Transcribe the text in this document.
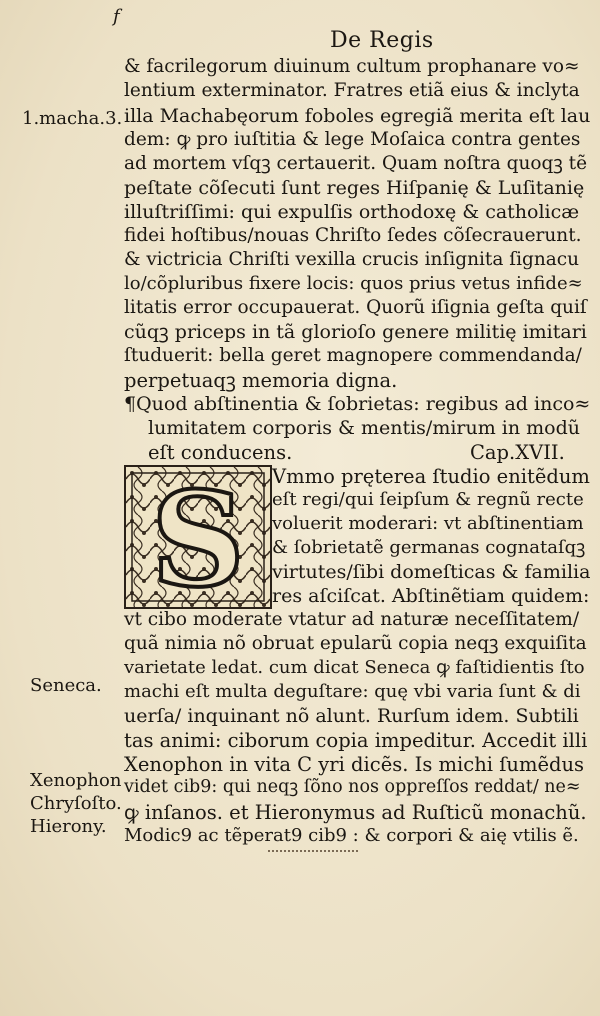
f
De Regis
1.macha.3.
Seneca.
Xenophon
Chryſoſto.
Hierony.
& facrilegorum diuinum cultum prophanare vo≈
lentium exterminator. Fratres etiã eius & inclyta
illa Machabęorum foboles egregiã merita eſt lau
dem: ꝙ pro iuſtitia & lege Moſaica contra gentes
ad mortem vſqꝫ certauerit. Quam noſtra quoqꝫ tẽ
peſtate cõſecuti ſunt reges Hiſpanię & Luſitanię
illuſtriſſimi: qui expulſis orthodoxę & catholicæ
fidei hoſtibus/nouas Chriſto ſedes cõſecrauerunt.
& victricia Chriſti vexilla crucis inſignita ſignacu
lo/cõpluribus fixere locis: quos prius vetus infide≈
litatis error occupauerat. Quorũ iſignia geſta quiſ
cũqꝫ priceps in tã glorioſo genere militię imitari
ſtuduerit: bella geret magnopere commendanda/
perpetuaqꝫ memoria digna.
¶Quod abſtinentia & ſobrietas: regibus ad inco≈
lumitatem corporis & mentis/mirum in modũ
eſt conducens.	Cap.XVII.
S Vmmo pręterea ſtudio enitẽdum
eſt regi/qui ſeipſum & regnũ recte
voluerit moderari: vt abſtinentiam
& ſobrietatẽ germanas cognataſqꝫ
virtutes/ſibi domeſticas & familia
res aſciſcat. Abſtinẽtiam quidem:
vt cibo moderate vtatur ad naturæ neceſſitatem/
quã nimia nõ obruat epularũ copia neqꝫ exquiſita
varietate ledat. cum dicat Seneca ꝙ faſtidientis ſto
machi eſt multa deguſtare: quę vbi varia ſunt & di
uerſa/ inquinant nõ alunt. Rurſum idem. Subtili
tas animi: ciborum copia impeditur. Accedit illi
Xenophon in vita C yri dicẽs. Is michi ſumẽdus
videt cib9: qui neqꝫ ſõno nos oppreſſos reddat/ ne≈
ꝙ inſanos. et Hieronymus ad Ruſticũ monachũ.
Modic9 ac tẽperat9 cib9 : & corpori & aię vtilis ẽ.
